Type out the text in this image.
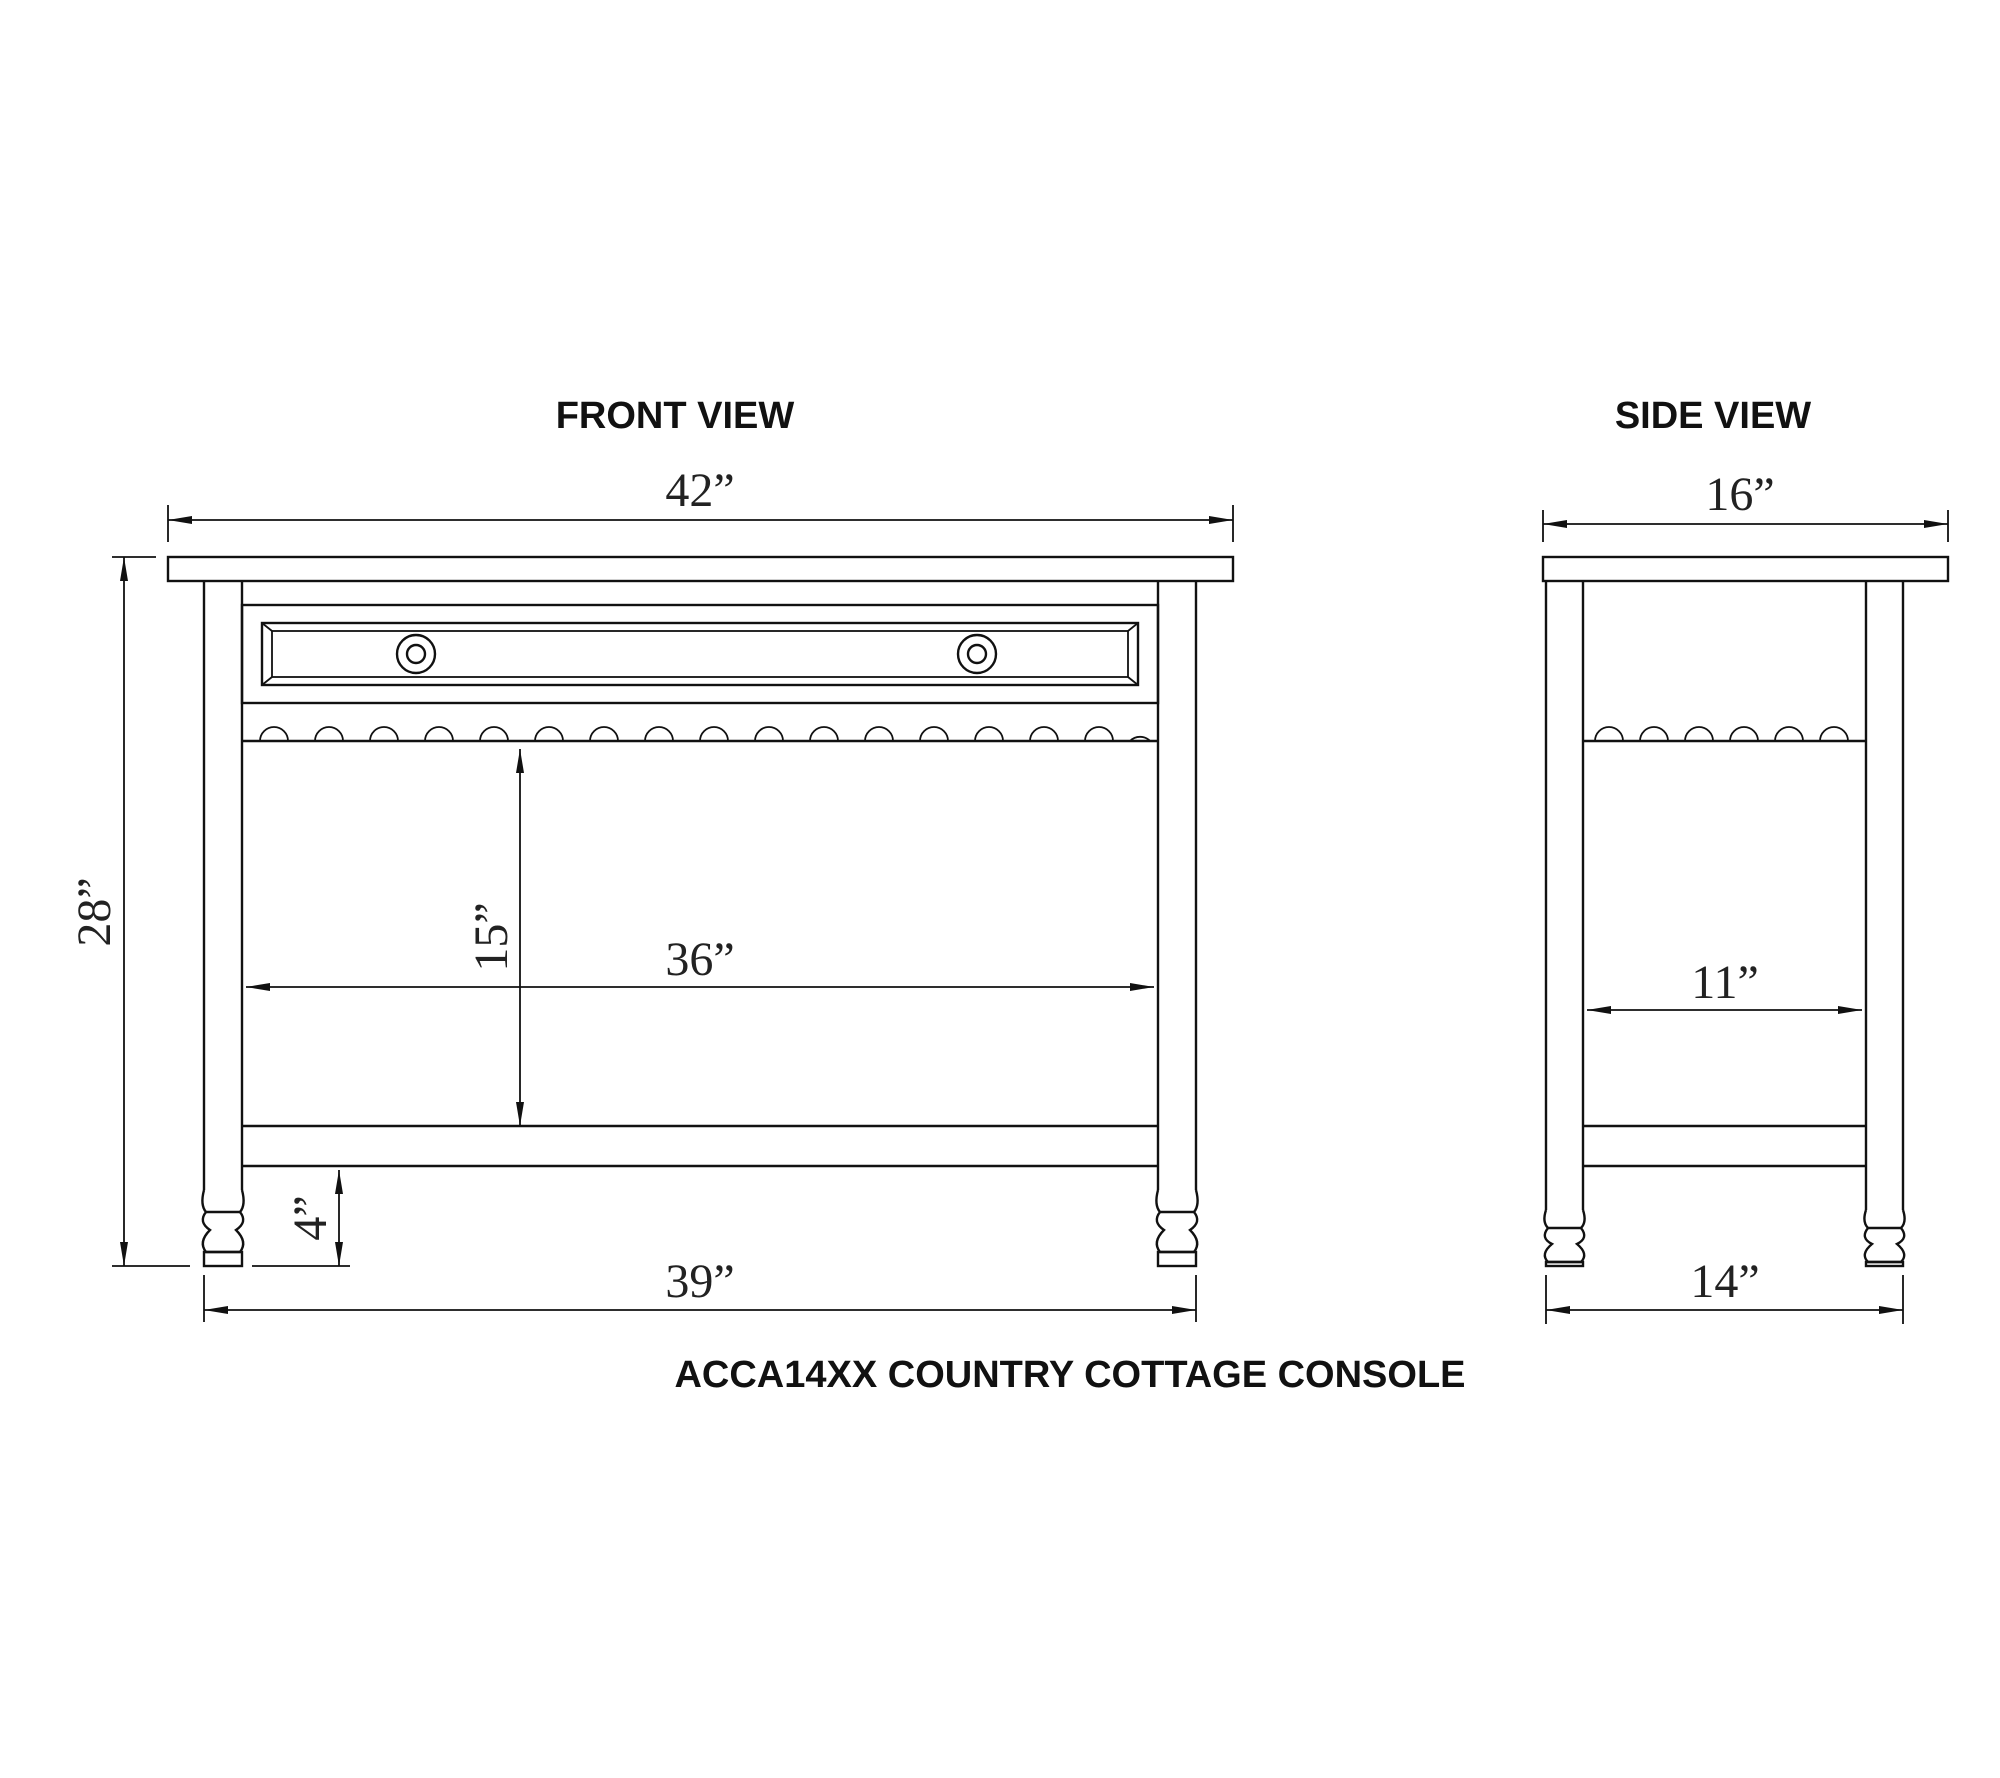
FRONT VIEW
42”
28”	15”	36”
4”
39”
SIDE VIEW
16”
11”
14”
ACCA14XX COUNTRY COTTAGE CONSOLE
